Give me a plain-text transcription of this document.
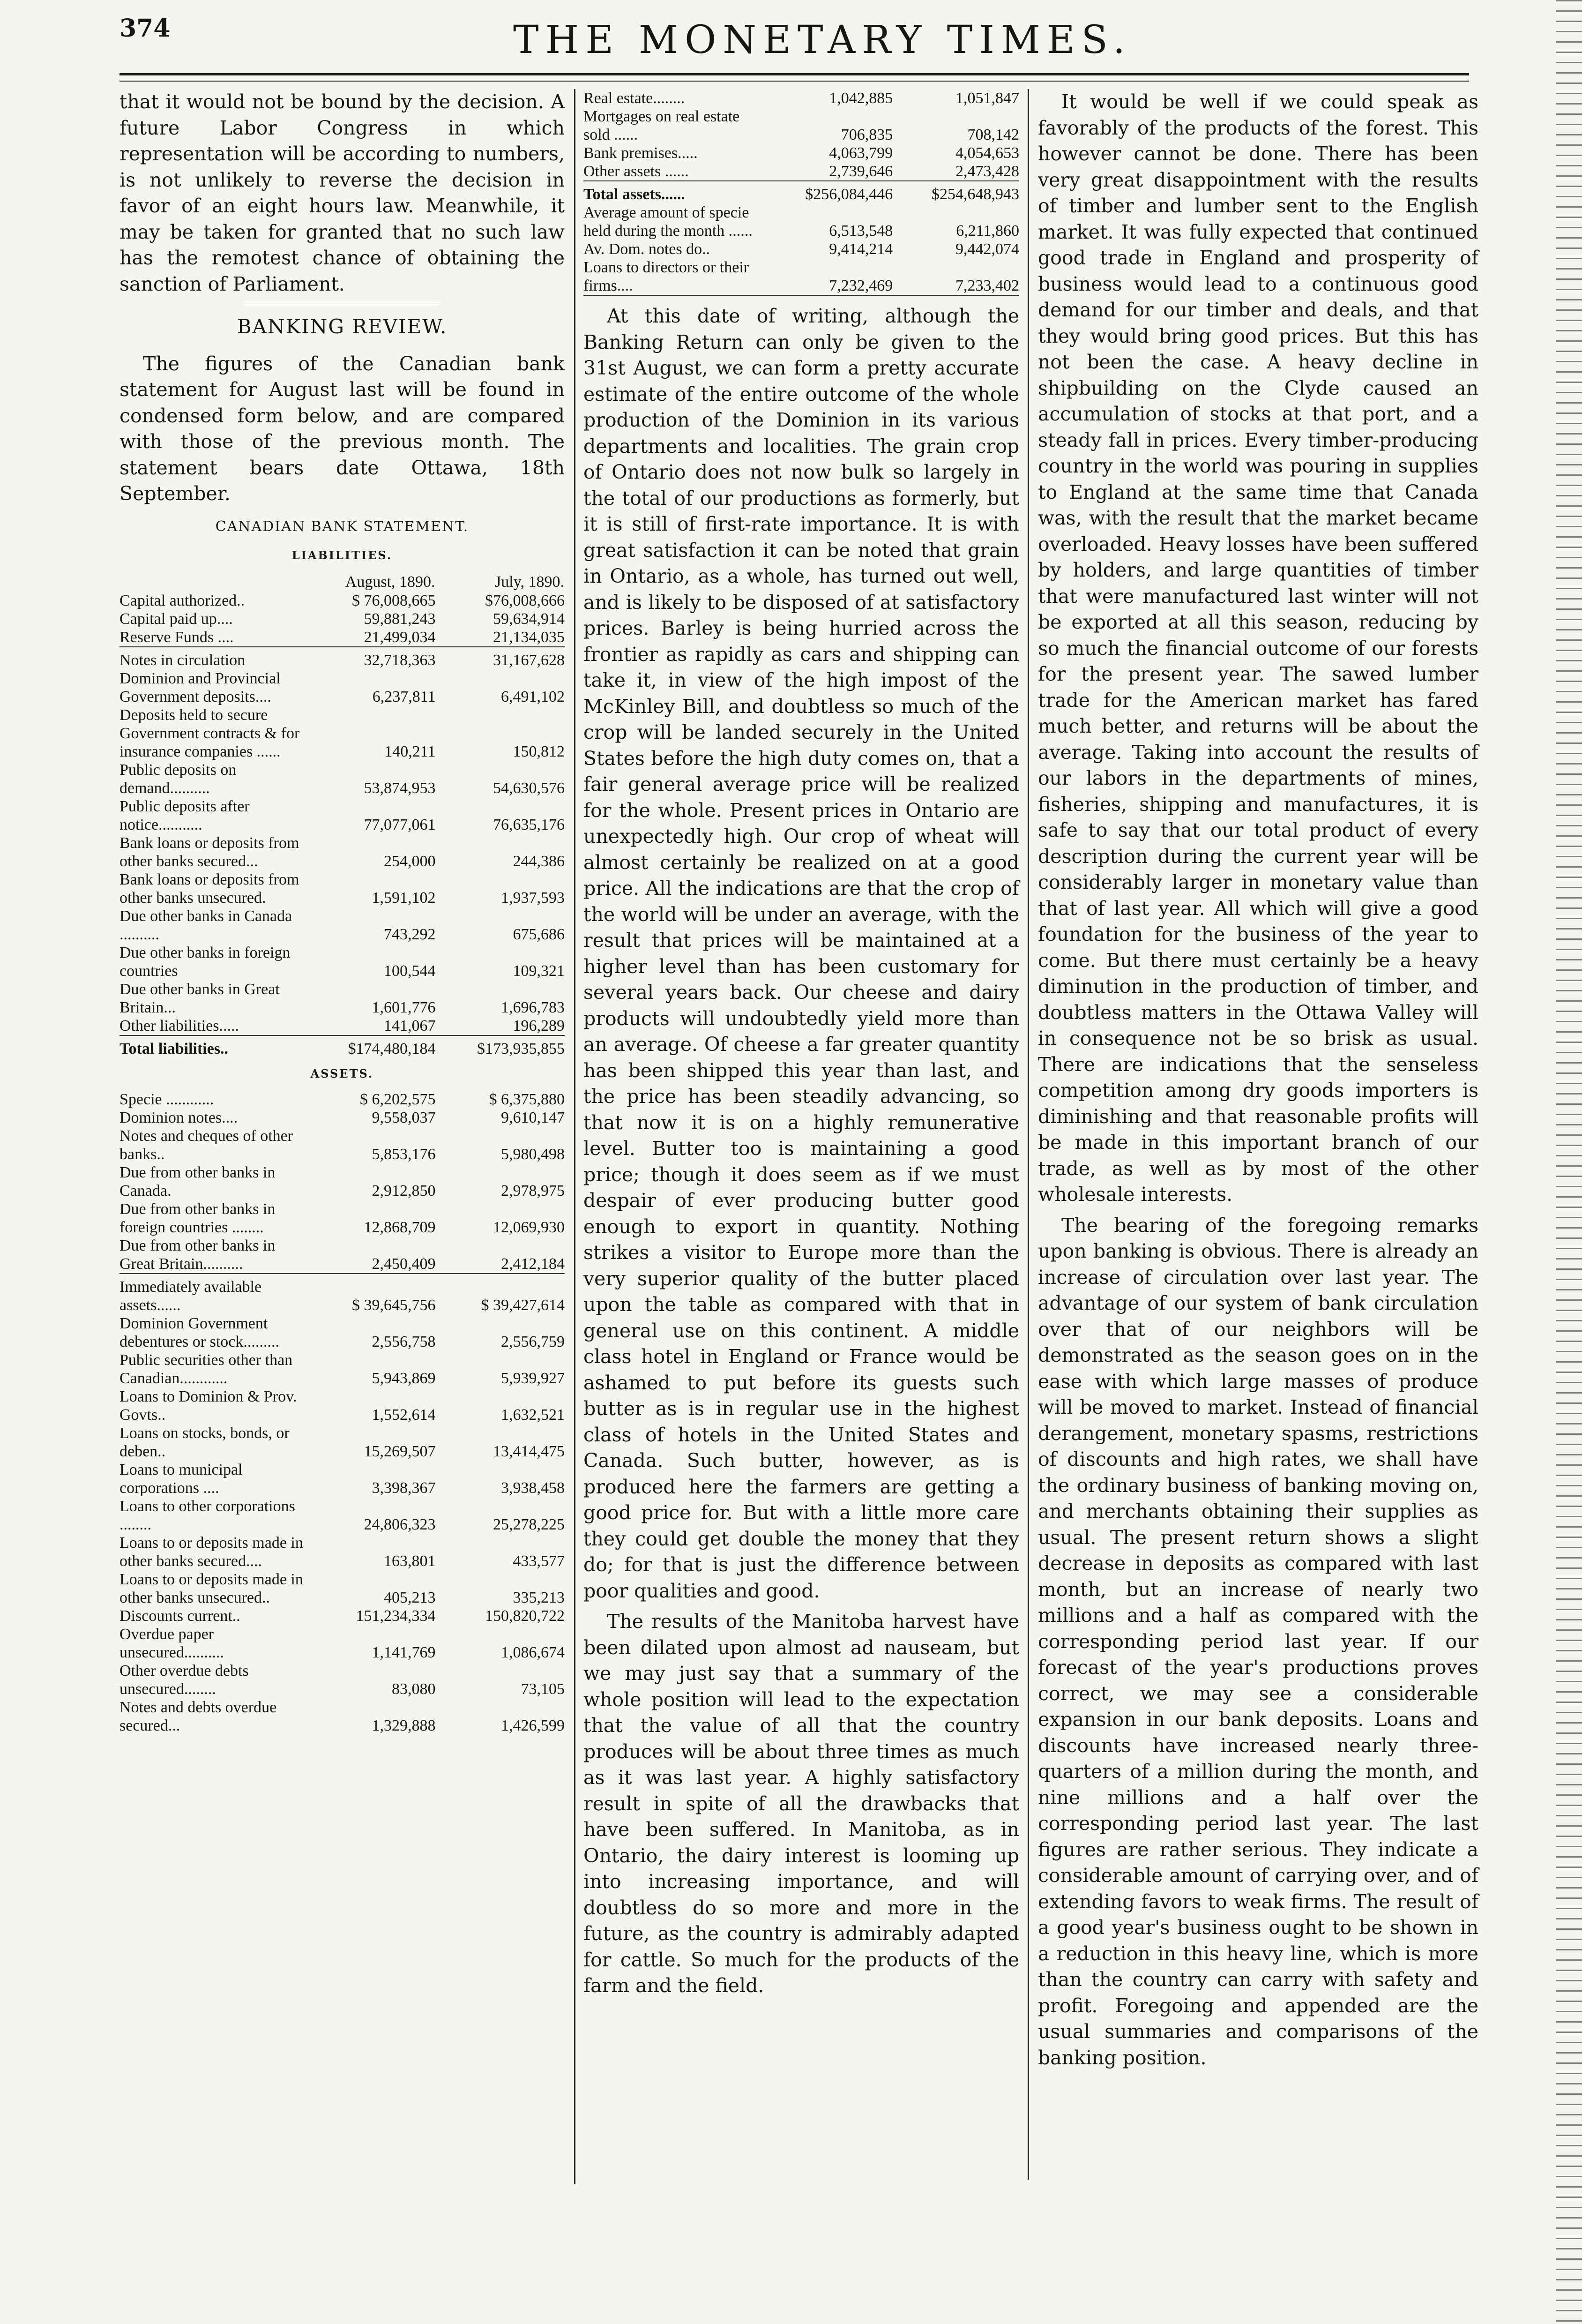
374	THE MONETARY TIMES.

that it would not be bound by the decision. A future Labor Congress in which representation will be according to numbers, is not unlikely to reverse the decision in favor of an eight hours law. Meanwhile, it may be taken for granted that no such law has the remotest chance of obtaining the sanction of Parliament.

BANKING REVIEW.

The figures of the Canadian bank statement for August last will be found in condensed form below, and are compared with those of the previous month. The statement bears date Ottawa, 18th September.

CANADIAN BANK STATEMENT.
LIABILITIES.
	August, 1890.	July, 1890.
Capital authorized..	$ 76,008,665	$76,008,666
Capital paid up....	59,881,243	59,634,914
Reserve Funds ....	21,499,034	21,134,035

Notes in circulation	32,718,363	31,167,628
Dominion and Provincial Government deposits....	6,237,811	6,491,102
Deposits held to secure Government contracts & for insurance companies ......	140,211	150,812
Public deposits on demand..........	53,874,953	54,630,576
Public deposits after notice...........	77,077,061	76,635,176
Bank loans or deposits from other banks secured...	254,000	244,386
Bank loans or deposits from other banks unsecured.	1,591,102	1,937,593
Due other banks in Canada ..........	743,292	675,686
Due other banks in foreign countries	100,544	109,321
Due other banks in Great Britain...	1,601,776	1,696,783
Other liabilities.....	141,067	196,289

Total liabilities..	$174,480,184	$173,935,855
ASSETS.
Specie ............	$ 6,202,575	$ 6,375,880
Dominion notes....	9,558,037	9,610,147
Notes and cheques of other banks..	5,853,176	5,980,498
Due from other banks in Canada.	2,912,850	2,978,975
Due from other banks in foreign countries ........	12,868,709	12,069,930
Due from other banks in Great Britain..........	2,450,409	2,412,184

Immediately available assets......	$ 39,645,756	$ 39,427,614
Dominion Government debentures or stock.........	2,556,758	2,556,759
Public securities other than Canadian............	5,943,869	5,939,927
Loans to Dominion & Prov. Govts..	1,552,614	1,632,521
Loans on stocks, bonds, or deben..	15,269,507	13,414,475
Loans to municipal corporations ....	3,398,367	3,938,458
Loans to other corporations ........	24,806,323	25,278,225
Loans to or deposits made in other banks secured....	163,801	433,577
Loans to or deposits made in other banks unsecured..	405,213	335,213
Discounts current..	151,234,334	150,820,722
Overdue paper unsecured..........	1,141,769	1,086,674
Other overdue debts unsecured........	83,080	73,105
Notes and debts overdue secured...	1,329,888	1,426,599
Real estate........	1,042,885	1,051,847
Mortgages on real estate sold ......	706,835	708,142
Bank premises.....	4,063,799	4,054,653
Other assets ......	2,739,646	2,473,428

Total assets......	$256,084,446	$254,648,943
Average amount of specie held during the month ......	6,513,548	6,211,860
Av. Dom. notes do..	9,414,214	9,442,074
Loans to directors or their firms....	7,232,469	7,233,402

At this date of writing, although the Banking Return can only be given to the 31st August, we can form a pretty accurate estimate of the entire outcome of the whole production of the Dominion in its various departments and localities. The grain crop of Ontario does not now bulk so largely in the total of our productions as formerly, but it is still of first-rate importance. It is with great satisfaction it can be noted that grain in Ontario, as a whole, has turned out well, and is likely to be disposed of at satisfactory prices. Barley is being hurried across the frontier as rapidly as cars and shipping can take it, in view of the high impost of the McKinley Bill, and doubtless so much of the crop will be landed securely in the United States before the high duty comes on, that a fair general average price will be realized for the whole. Present prices in Ontario are unexpectedly high. Our crop of wheat will almost certainly be realized on at a good price. All the indications are that the crop of the world will be under an average, with the result that prices will be maintained at a higher level than has been customary for several years back. Our cheese and dairy products will undoubtedly yield more than an average. Of cheese a far greater quantity has been shipped this year than last, and the price has been steadily advancing, so that now it is on a highly remunerative level. Butter too is maintaining a good price; though it does seem as if we must despair of ever producing butter good enough to export in quantity. Nothing strikes a visitor to Europe more than the very superior quality of the butter placed upon the table as compared with that in general use on this continent. A middle class hotel in England or France would be ashamed to put before its guests such butter as is in regular use in the highest class of hotels in the United States and Canada. Such butter, however, as is produced here the farmers are getting a good price for. But with a little more care they could get double the money that they do; for that is just the difference between poor qualities and good.

The results of the Manitoba harvest have been dilated upon almost ad nauseam, but we may just say that a summary of the whole position will lead to the expectation that the value of all that the country produces will be about three times as much as it was last year. A highly satisfactory result in spite of all the drawbacks that have been suffered. In Manitoba, as in Ontario, the dairy interest is looming up into increasing importance, and will doubtless do so more and more in the future, as the country is admirably adapted for cattle. So much for the products of the farm and the field.

It would be well if we could speak as favorably of the products of the forest. This however cannot be done. There has been very great disappointment with the results of timber and lumber sent to the English market. It was fully expected that continued good trade in England and prosperity of business would lead to a continuous good demand for our timber and deals, and that they would bring good prices. But this has not been the case. A heavy decline in shipbuilding on the Clyde caused an accumulation of stocks at that port, and a steady fall in prices. Every timber-producing country in the world was pouring in supplies to England at the same time that Canada was, with the result that the market became overloaded. Heavy losses have been suffered by holders, and large quantities of timber that were manufactured last winter will not be exported at all this season, reducing by so much the financial outcome of our forests for the present year. The sawed lumber trade for the American market has fared much better, and returns will be about the average. Taking into account the results of our labors in the departments of mines, fisheries, shipping and manufactures, it is safe to say that our total product of every description during the current year will be considerably larger in monetary value than that of last year. All which will give a good foundation for the business of the year to come. But there must certainly be a heavy diminution in the production of timber, and doubtless matters in the Ottawa Valley will in consequence not be so brisk as usual. There are indications that the senseless competition among dry goods importers is diminishing and that reasonable profits will be made in this important branch of our trade, as well as by most of the other wholesale interests.

The bearing of the foregoing remarks upon banking is obvious. There is already an increase of circulation over last year. The advantage of our system of bank circulation over that of our neighbors will be demonstrated as the season goes on in the ease with which large masses of produce will be moved to market. Instead of financial derangement, monetary spasms, restrictions of discounts and high rates, we shall have the ordinary business of banking moving on, and merchants obtaining their supplies as usual. The present return shows a slight decrease in deposits as compared with last month, but an increase of nearly two millions and a half as compared with the corresponding period last year. If our forecast of the year's productions proves correct, we may see a considerable expansion in our bank deposits. Loans and discounts have increased nearly three-quarters of a million during the month, and nine millions and a half over the corresponding period last year. The last figures are rather serious. They indicate a considerable amount of carrying over, and of extending favors to weak firms. The result of a good year's business ought to be shown in a reduction in this heavy line, which is more than the country can carry with safety and profit. Foregoing and appended are the usual summaries and comparisons of the banking position.
